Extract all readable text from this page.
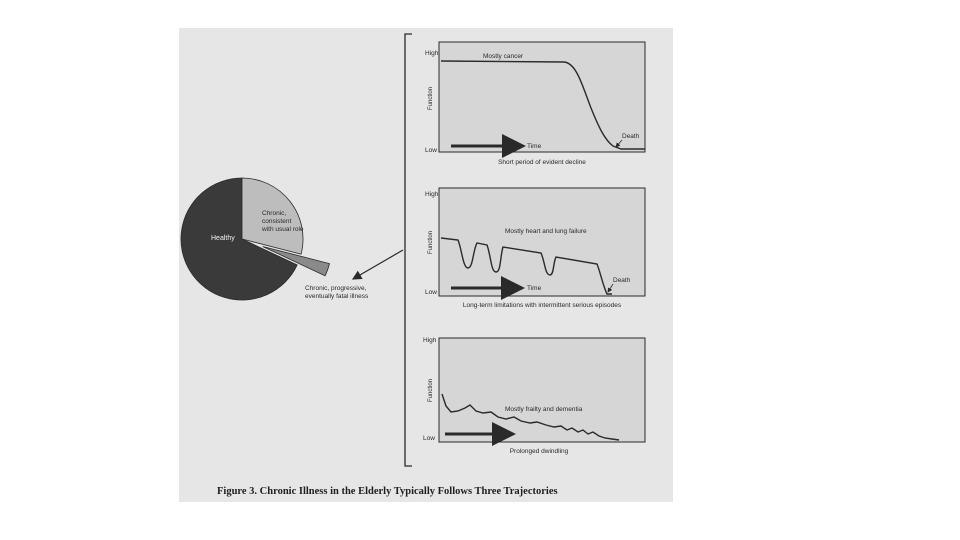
Healthy
Chronic, consistent with usual role
Chronic, progressive, eventually fatal illness
High
Low
Function
Mostly cancer
Time
Death
Short period of evident decline
High
Low
Function	Mostly heart and lung failure
Time
Death
Long-term limitations with intermittent serious episodes
High
Low
Function
Mostly frailty and dementia
Prolonged dwindling
Figure 3. Chronic Illness in the Elderly Typically Follows Three Trajectories
